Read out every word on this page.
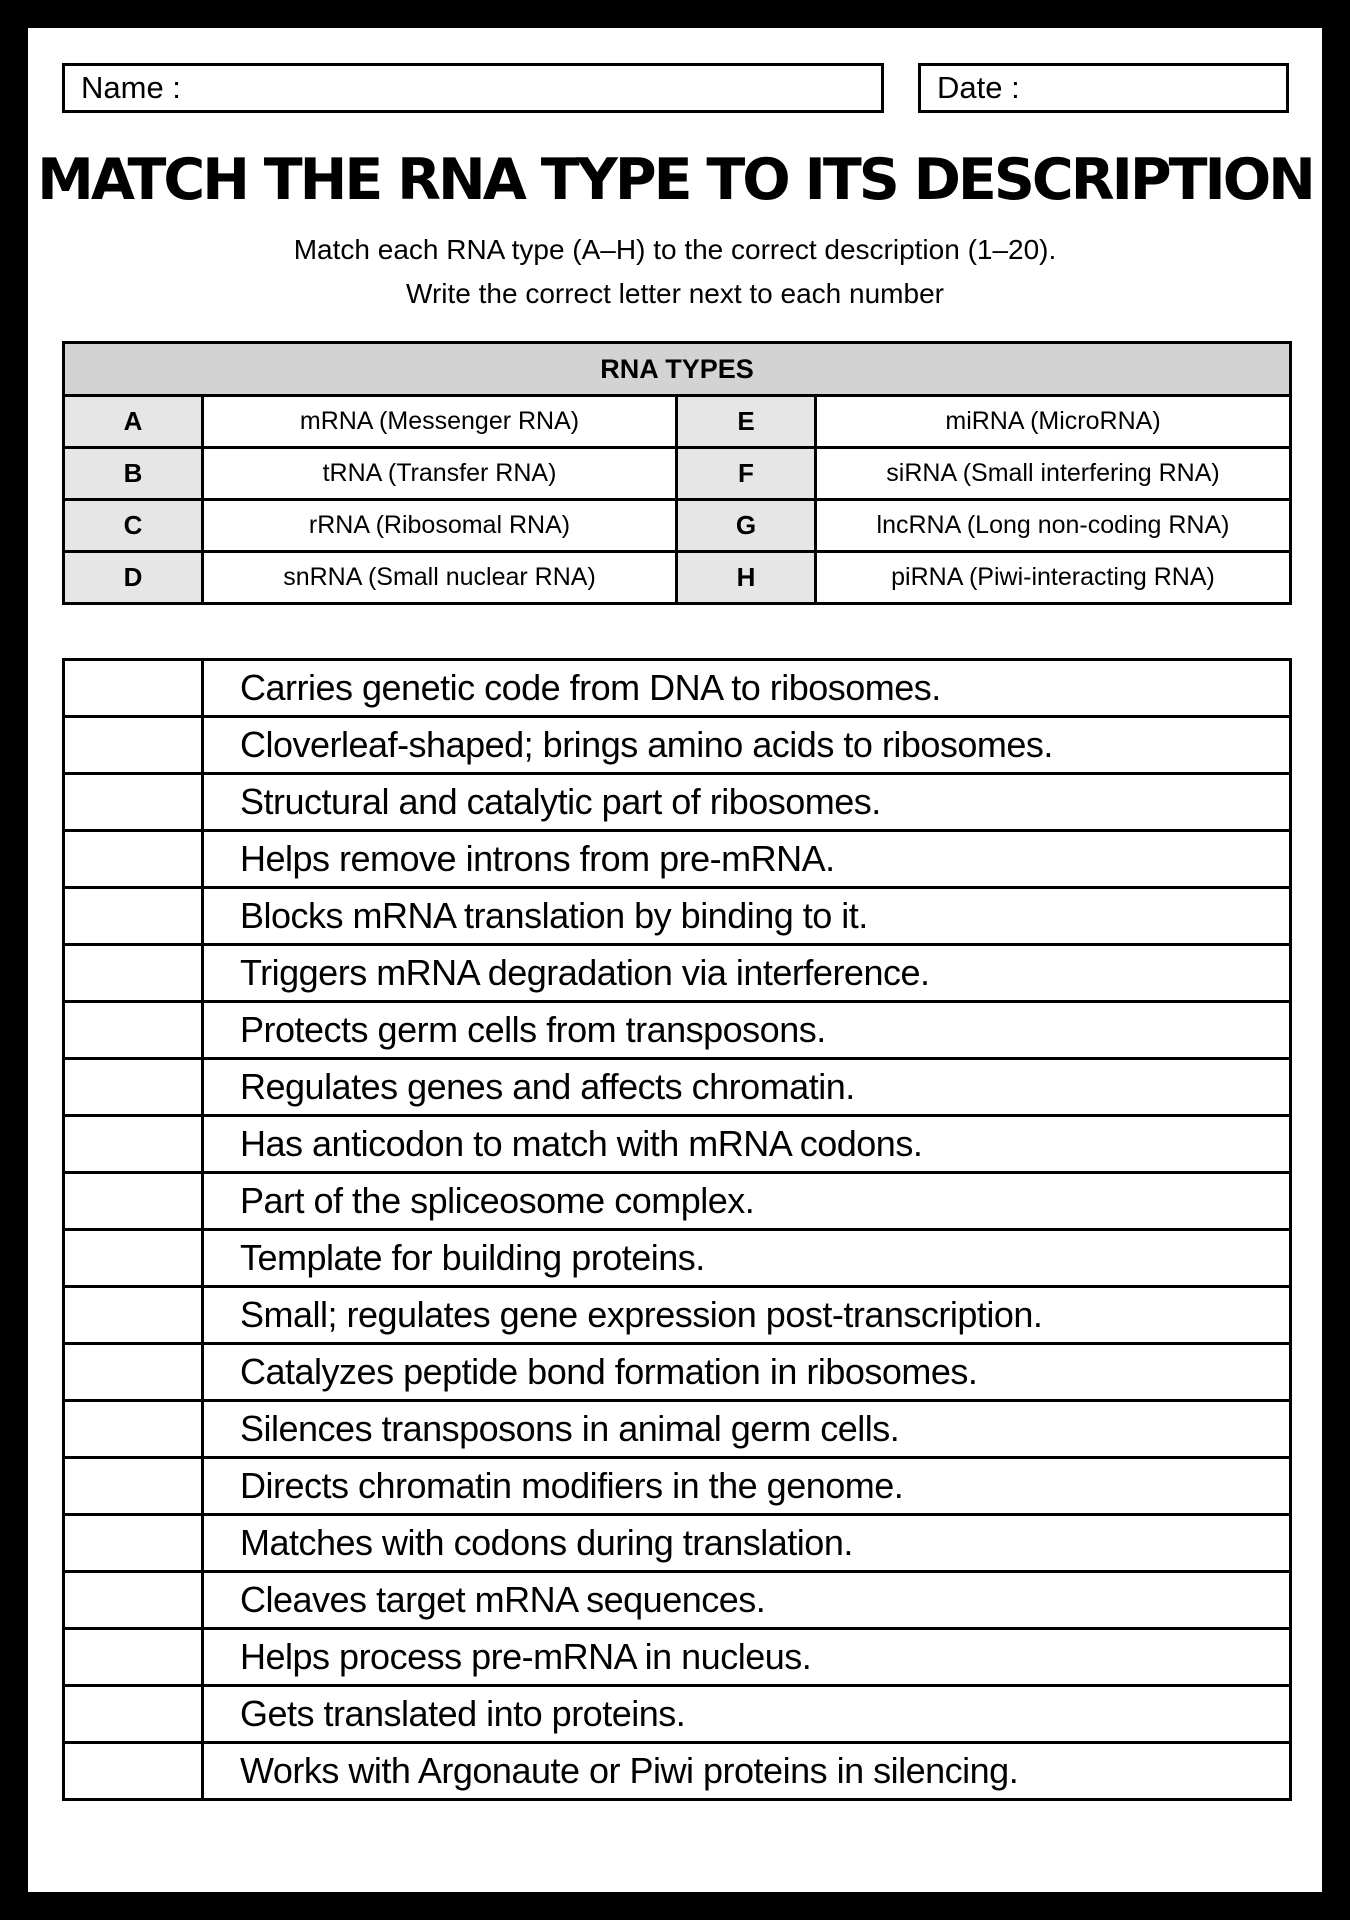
Name :	Date :
MATCH THE RNA TYPE TO ITS DESCRIPTION
Match each RNA type (A–H) to the correct description (1–20).
Write the correct letter next to each number
RNA TYPES			
A	mRNA (Messenger RNA)	E	miRNA (MicroRNA)
B	tRNA (Transfer RNA)	F	siRNA (Small interfering RNA)
C	rRNA (Ribosomal RNA)	G	lncRNA (Long non-coding RNA)
D	snRNA (Small nuclear RNA)	H	piRNA (Piwi-interacting RNA)
	Carries genetic code from DNA to ribosomes.
	Cloverleaf-shaped; brings amino acids to ribosomes.
	Structural and catalytic part of ribosomes.
	Helps remove introns from pre-mRNA.
	Blocks mRNA translation by binding to it.
	Triggers mRNA degradation via interference.
	Protects germ cells from transposons.
	Regulates genes and affects chromatin.
	Has anticodon to match with mRNA codons.
	Part of the spliceosome complex.
	Template for building proteins.
	Small; regulates gene expression post-transcription.
	Catalyzes peptide bond formation in ribosomes.
	Silences transposons in animal germ cells.
	Directs chromatin modifiers in the genome.
	Matches with codons during translation.
	Cleaves target mRNA sequences.
	Helps process pre-mRNA in nucleus.
	Gets translated into proteins.
	Works with Argonaute or Piwi proteins in silencing.
